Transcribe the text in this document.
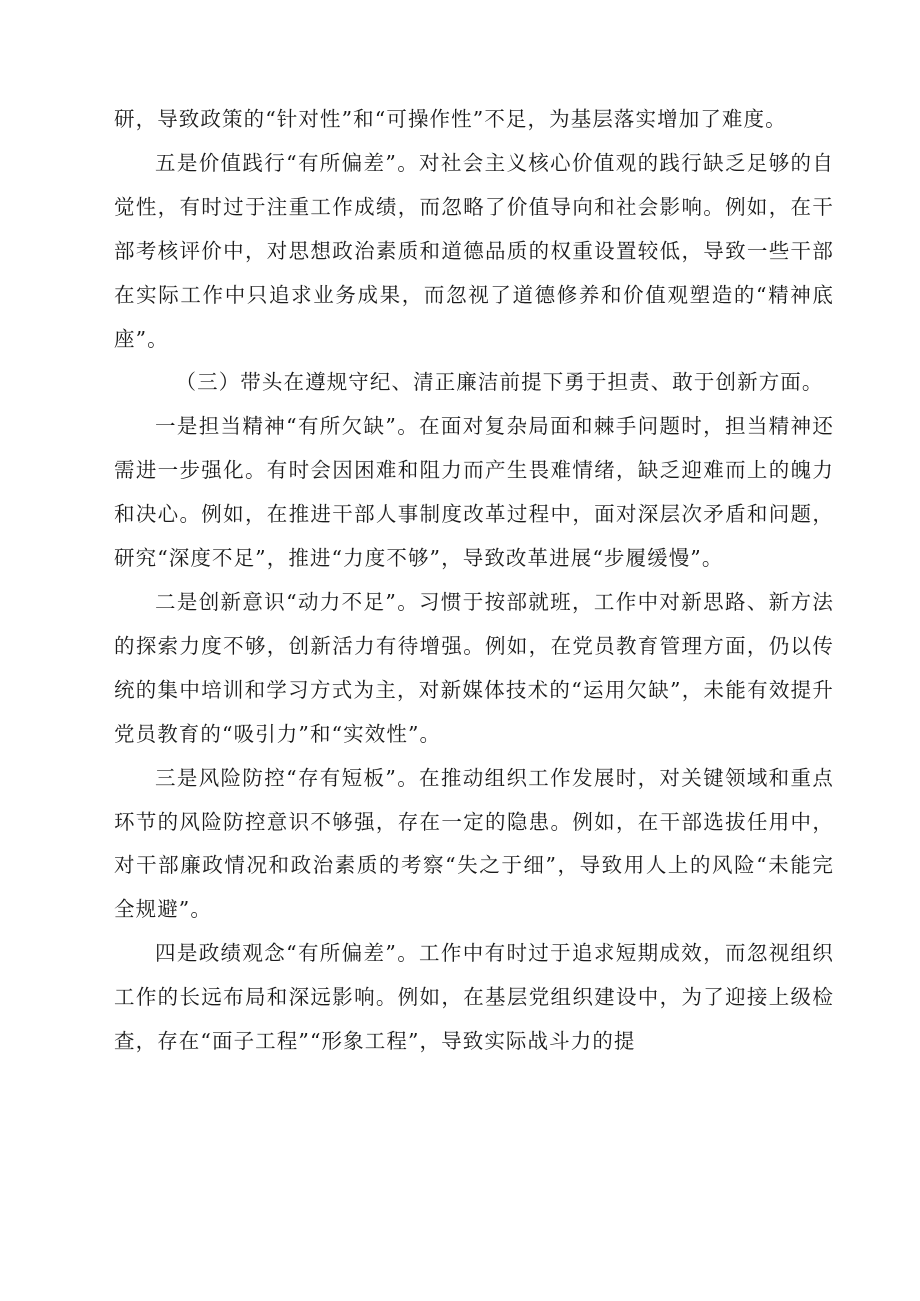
研，导致政策的“针对性”和“可操作性”不足，为基层落实增加了难度。

五是价值践行“有所偏差”。对社会主义核心价值观的践行缺乏足够的自觉性，有时过于注重工作成绩，而忽略了价值导向和社会影响。例如，在干部考核评价中，对思想政治素质和道德品质的权重设置较低，导致一些干部在实际工作中只追求业务成果，而忽视了道德修养和价值观塑造的“精神底座”。

（三）带头在遵规守纪、清正廉洁前提下勇于担责、敢于创新方面。

一是担当精神“有所欠缺”。在面对复杂局面和棘手问题时，担当精神还需进一步强化。有时会因困难和阻力而产生畏难情绪，缺乏迎难而上的魄力和决心。例如，在推进干部人事制度改革过程中，面对深层次矛盾和问题，研究“深度不足”，推进“力度不够”，导致改革进展“步履缓慢”。

二是创新意识“动力不足”。习惯于按部就班，工作中对新思路、新方法的探索力度不够，创新活力有待增强。例如，在党员教育管理方面，仍以传统的集中培训和学习方式为主，对新媒体技术的“运用欠缺”，未能有效提升党员教育的“吸引力”和“实效性”。

三是风险防控“存有短板”。在推动组织工作发展时，对关键领域和重点环节的风险防控意识不够强，存在一定的隐患。例如，在干部选拔任用中，对干部廉政情况和政治素质的考察“失之于细”，导致用人上的风险“未能完全规避”。

四是政绩观念“有所偏差”。工作中有时过于追求短期成效，而忽视组织工作的长远布局和深远影响。例如，在基层党组织建设中，为了迎接上级检查，存在“面子工程”“形象工程”，导致实际战斗力的提
